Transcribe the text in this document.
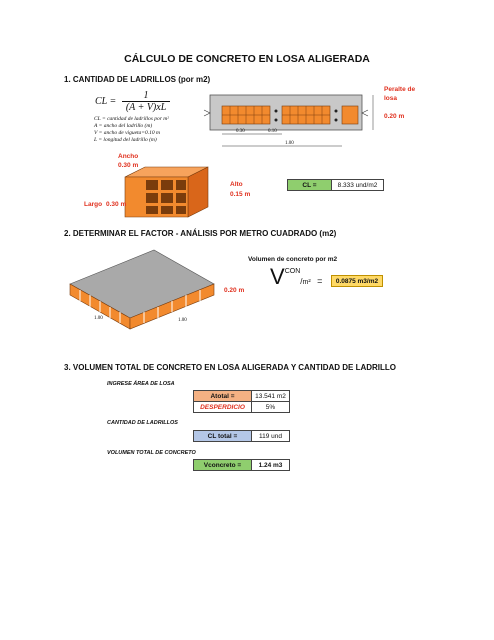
CÁLCULO DE CONCRETO EN LOSA ALIGERADA
1. CANTIDAD DE LADRILLOS (por m2)
CL = $\frac{1}{(A + V)xL}$
CL = cantidad de ladrillos por m²
A = ancho del ladrillo (m)
V = ancho de vigueta=0.10 m
L = longitud del ladrillo (m)
0.30	0.10
1.00
Peralte de losa
0.20 m
Ancho
0.30 m
Alto
0.15 m
Largo 0.30 m
CL =	8.333 und/m2
2. DETERMINAR EL FACTOR - ANÁLISIS POR METRO CUADRADO (m2)
1.00	1.00
0.20 m
Volumen de concreto por m2
$V^{CON}/m^2$ =	0.0875 m3/m2
3. VOLUMEN TOTAL DE CONCRETO EN LOSA ALIGERADA Y CANTIDAD DE LADRILLO
INGRESE ÁREA DE LOSA
Atotal =	13.541 m2
DESPERDICIO	5%
CANTIDAD DE LADRILLOS
CL total =	119 und
VOLUMEN TOTAL DE CONCRETO
Vconcreto =	1.24 m3
